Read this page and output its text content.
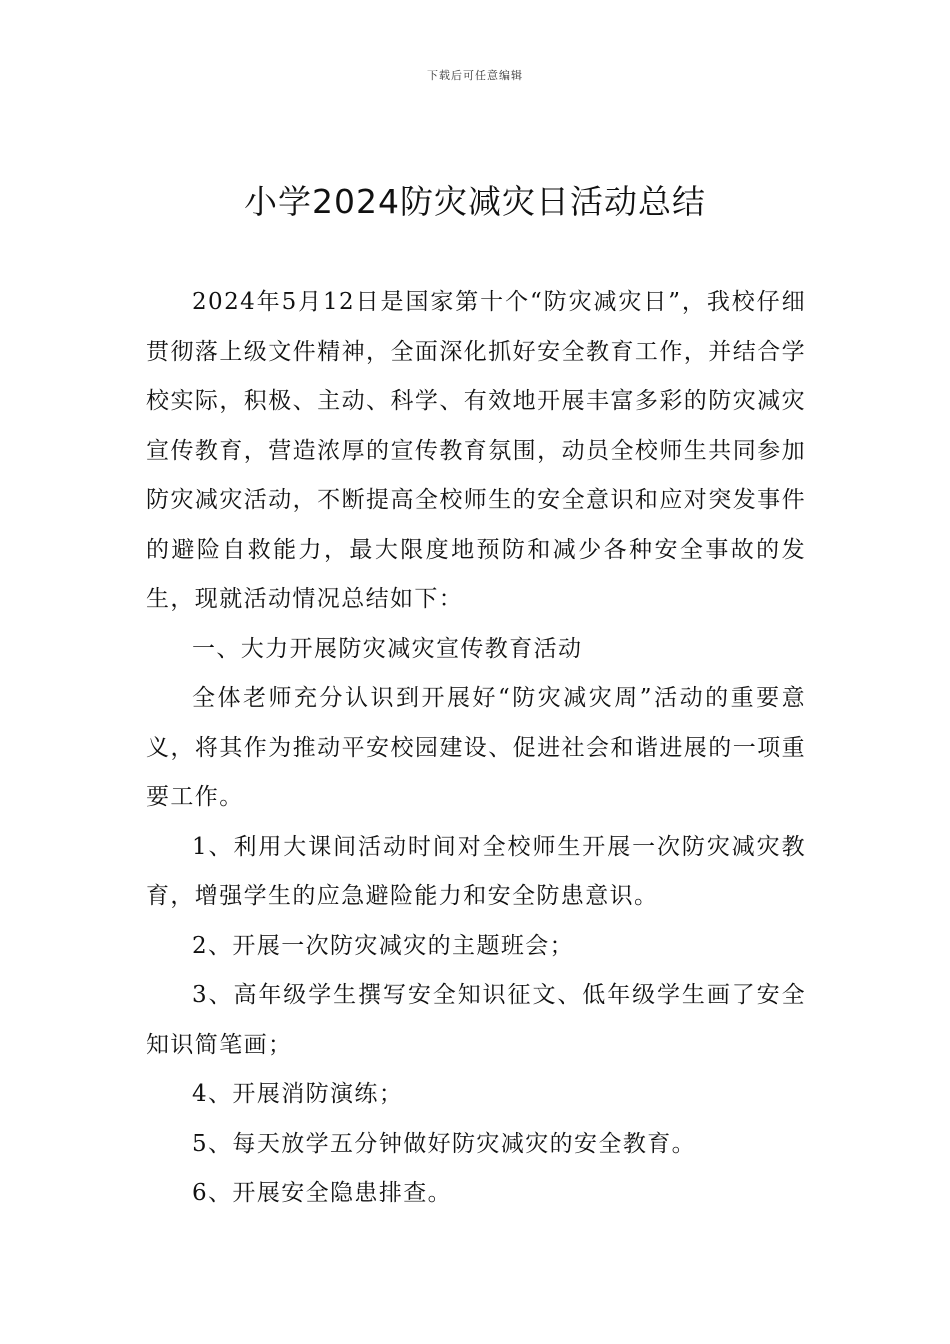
下载后可任意编辑
小学2024防灾减灾日活动总结

2024年5月12日是国家第十个“防灾减灾日”，我校仔细贯彻落上级文件精神，全面深化抓好安全教育工作，并结合学校实际，积极、主动、科学、有效地开展丰富多彩的防灾减灾宣传教育，营造浓厚的宣传教育氛围，动员全校师生共同参加防灾减灾活动，不断提高全校师生的安全意识和应对突发事件的避险自救能力，最大限度地预防和减少各种安全事故的发生，现就活动情况总结如下：

一、大力开展防灾减灾宣传教育活动

全体老师充分认识到开展好“防灾减灾周”活动的重要意义，将其作为推动平安校园建设、促进社会和谐进展的一项重要工作。

1、利用大课间活动时间对全校师生开展一次防灾减灾教育，增强学生的应急避险能力和安全防患意识。

2、开展一次防灾减灾的主题班会；

3、高年级学生撰写安全知识征文、低年级学生画了安全知识简笔画；

4、开展消防演练；

5、每天放学五分钟做好防灾减灾的安全教育。

6、开展安全隐患排查。
